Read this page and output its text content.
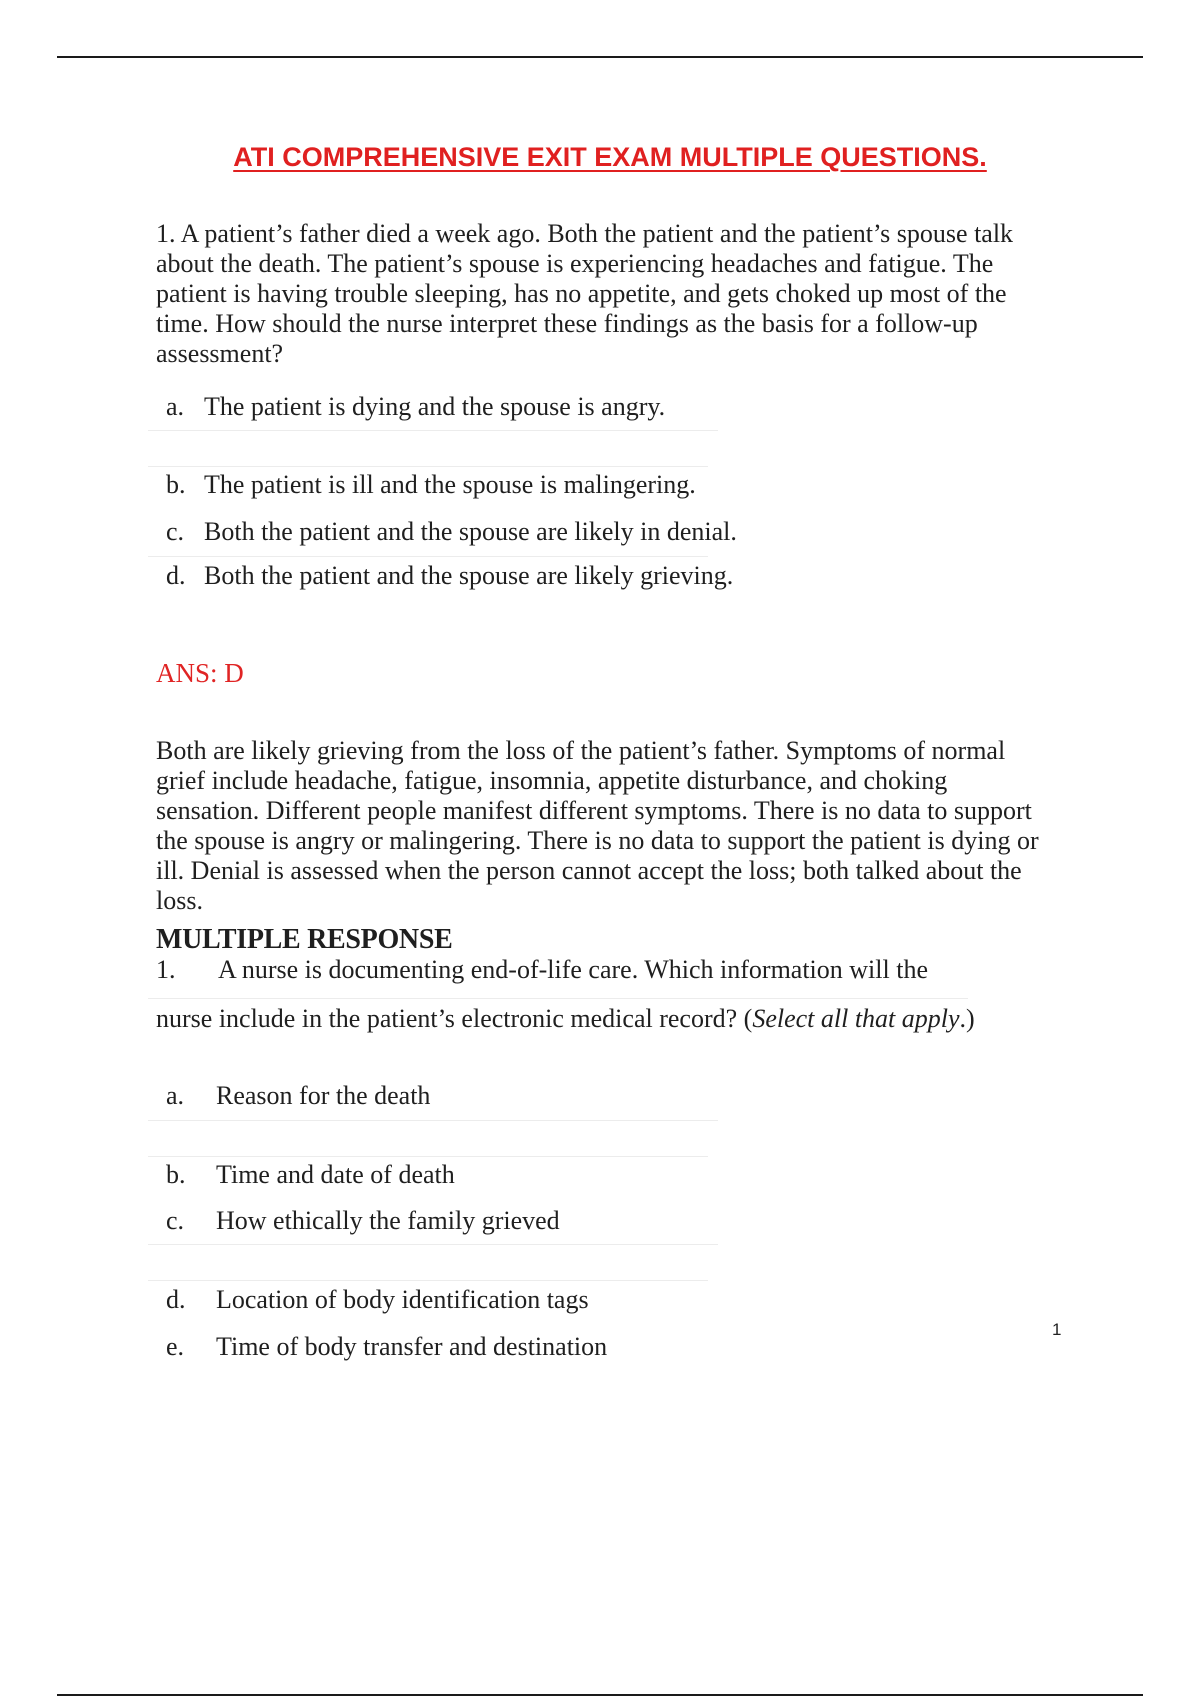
ATI COMPREHENSIVE EXIT EXAM MULTIPLE QUESTIONS.
1. A patient’s father died a week ago. Both the patient and the patient’s spouse talk about the death. The patient’s spouse is experiencing headaches and fatigue. The patient is having trouble sleeping, has no appetite, and gets choked up most of the time. How should the nurse interpret these findings as the basis for a follow-up assessment?
a. The patient is dying and the spouse is angry.
b. The patient is ill and the spouse is malingering.
c. Both the patient and the spouse are likely in denial.
d. Both the patient and the spouse are likely grieving.
ANS: D
Both are likely grieving from the loss of the patient’s father. Symptoms of normal grief include headache, fatigue, insomnia, appetite disturbance, and choking sensation. Different people manifest different symptoms. There is no data to support the spouse is angry or malingering. There is no data to support the patient is dying or ill. Denial is assessed when the person cannot accept the loss; both talked about the loss.
MULTIPLE RESPONSE
1. A nurse is documenting end-of-life care. Which information will the
nurse include in the patient’s electronic medical record? (Select all that apply.)
a. Reason for the death
b. Time and date of death
c. How ethically the family grieved
d. Location of body identification tags
e. Time of body transfer and destination
1
